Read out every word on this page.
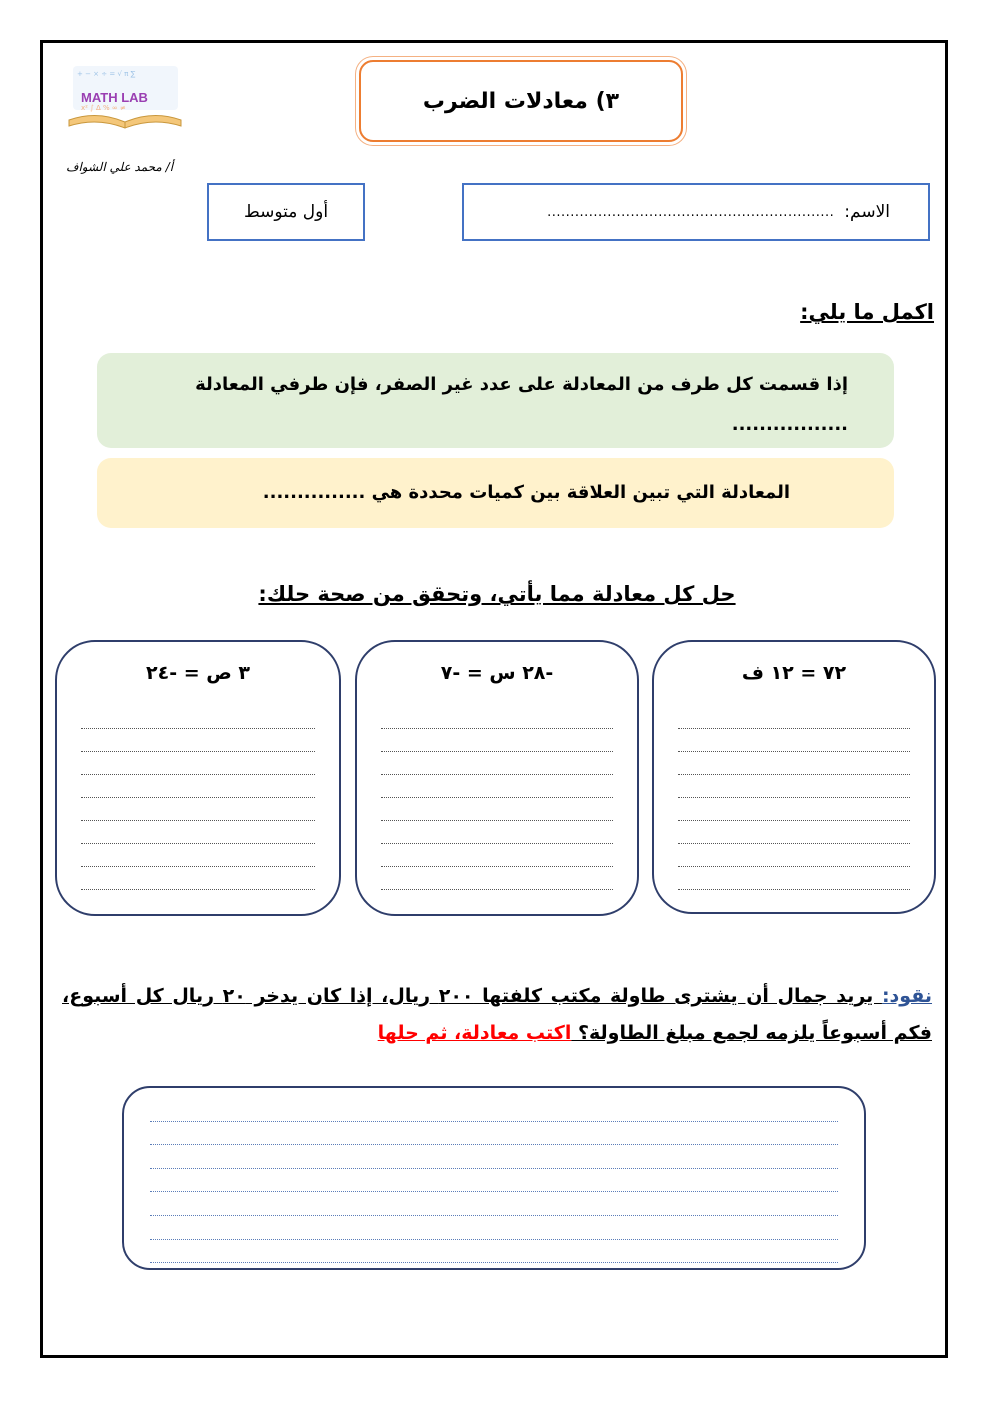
+ − × ÷ = √ π ∑
x² ∫ Δ % ∞ ≠
MATH LAB
أ/ محمد علي الشواف
٣) معادلات الضرب
الاسم:
..............................................................
أول متوسط
اكمل ما يلي:
إذا قسمت كل طرف من المعادلة على عدد غير الصفر، فإن طرفي المعادلة .................
المعادلة التي تبين العلاقة بين كميات محددة هي ...............
حل كل معادلة مما يأتي، وتحقق من صحة حلك:
٧٢ = ١٢ ف
-٢٨ س = -٧
٣ ص = -٢٤
نقود: يريد جمال أن يشترى طاولة مكتب كلفتها ٢٠٠ ريال، إذا كان يدخر ٢٠ ريال كل أسبوع، فكم أسبوعاً يلزمه لجمع مبلغ الطاولة؟ اكتب معادلة، ثم حلها
